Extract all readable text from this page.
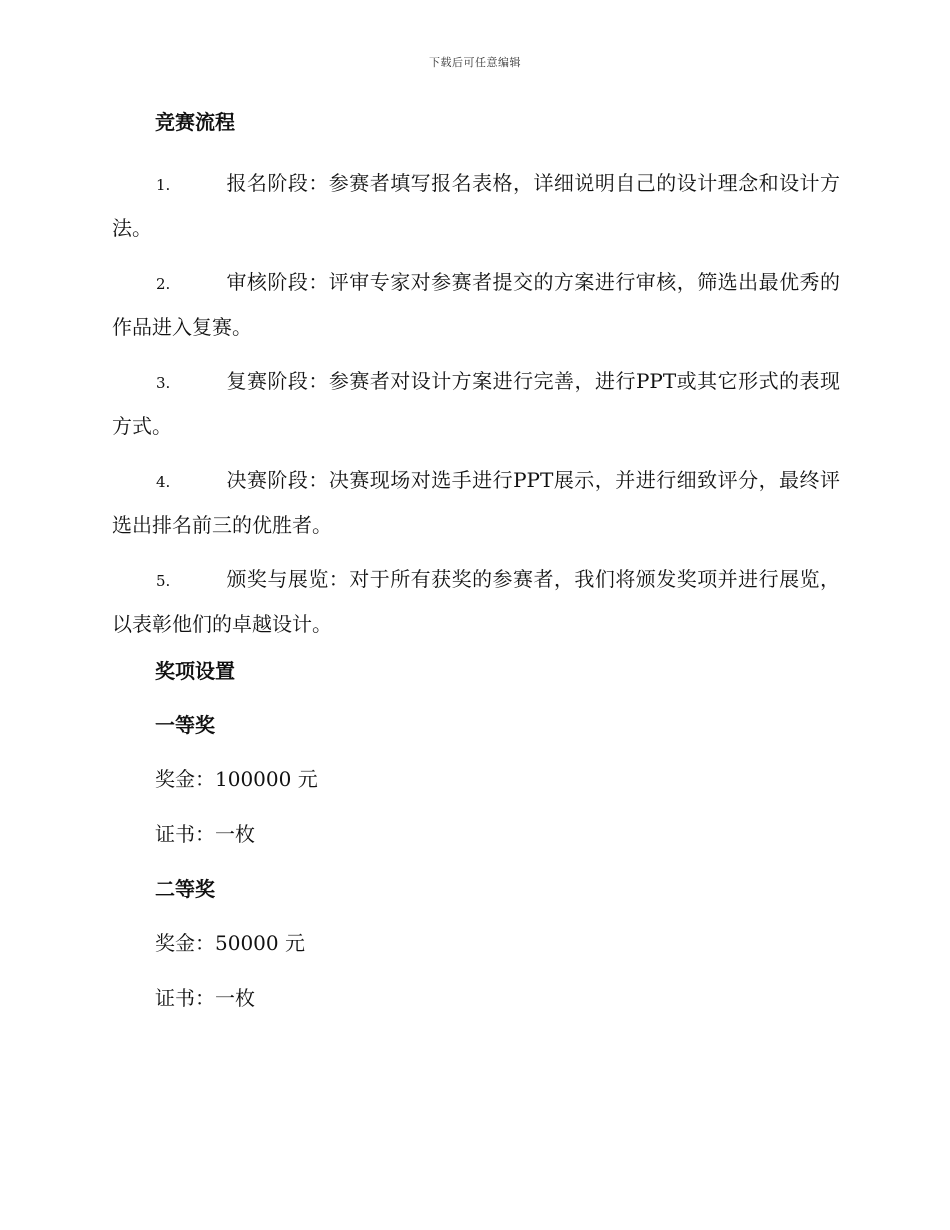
下载后可任意编辑
竞赛流程
1.	报名阶段：参赛者填写报名表格，详细说明自己的设计理念和设计方法。
2.	审核阶段：评审专家对参赛者提交的方案进行审核，筛选出最优秀的作品进入复赛。
3.	复赛阶段：参赛者对设计方案进行完善，进行PPT或其它形式的表现方式。
4.	决赛阶段：决赛现场对选手进行PPT展示，并进行细致评分，最终评选出排名前三的优胜者。
5.	颁奖与展览：对于所有获奖的参赛者，我们将颁发奖项并进行展览，以表彰他们的卓越设计。
奖项设置
一等奖
奖金：100000 元
证书：一枚
二等奖
奖金：50000 元
证书：一枚
